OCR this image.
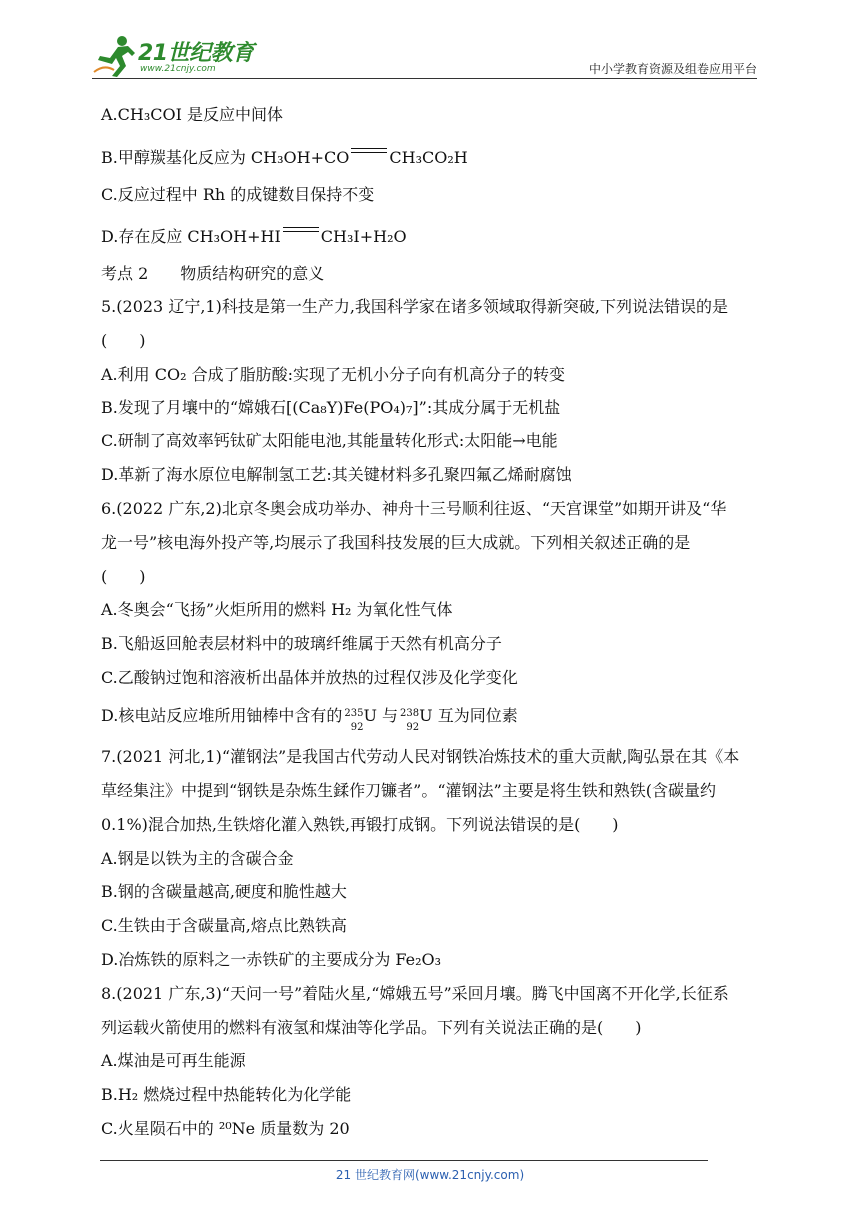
21世纪教育
www.21cnjy.com	中小学教育资源及组卷应用平台
A.CH₃COI 是反应中间体
B.甲醇羰基化反应为 CH₃OH+CO	CH₃CO₂H
C.反应过程中 Rh 的成键数目保持不变
D.存在反应 CH₃OH+HI	CH₃I+H₂O
考点 2　　物质结构研究的意义
5.(2023 辽宁,1)科技是第一生产力,我国科学家在诸多领域取得新突破,下列说法错误的是
(　　)
A.利用 CO₂ 合成了脂肪酸:实现了无机小分子向有机高分子的转变
B.发现了月壤中的“嫦娥石[(Ca₈Y)Fe(PO₄)₇]”:其成分属于无机盐
C.研制了高效率钙钛矿太阳能电池,其能量转化形式:太阳能→电能
D.革新了海水原位电解制氢工艺:其关键材料多孔聚四氟乙烯耐腐蚀
6.(2022 广东,2)北京冬奥会成功举办、神舟十三号顺利往返、“天宫课堂”如期开讲及“华
龙一号”核电海外投产等,均展示了我国科技发展的巨大成就。下列相关叙述正确的是
(　　)
A.冬奥会“飞扬”火炬所用的燃料 H₂ 为氧化性气体
B.飞船返回舱表层材料中的玻璃纤维属于天然有机高分子
C.乙酸钠过饱和溶液析出晶体并放热的过程仅涉及化学变化
D.核电站反应堆所用铀棒中含有的 235
92
U 与 238
92
U 互为同位素
7.(2021 河北,1)“灌钢法”是我国古代劳动人民对钢铁冶炼技术的重大贡献,陶弘景在其《本
草经集注》中提到“钢铁是杂炼生鍒作刀镰者”。“灌钢法”主要是将生铁和熟铁(含碳量约
0.1%)混合加热,生铁熔化灌入熟铁,再锻打成钢。下列说法错误的是(　　)
A.钢是以铁为主的含碳合金
B.钢的含碳量越高,硬度和脆性越大
C.生铁由于含碳量高,熔点比熟铁高
D.冶炼铁的原料之一赤铁矿的主要成分为 Fe₂O₃
8.(2021 广东,3)“天问一号”着陆火星,“嫦娥五号”采回月壤。腾飞中国离不开化学,长征系
列运载火箭使用的燃料有液氢和煤油等化学品。下列有关说法正确的是(　　)
A.煤油是可再生能源
B.H₂ 燃烧过程中热能转化为化学能
C.火星陨石中的 ²⁰Ne 质量数为 20
21 世纪教育网(www.21cnjy.com)
